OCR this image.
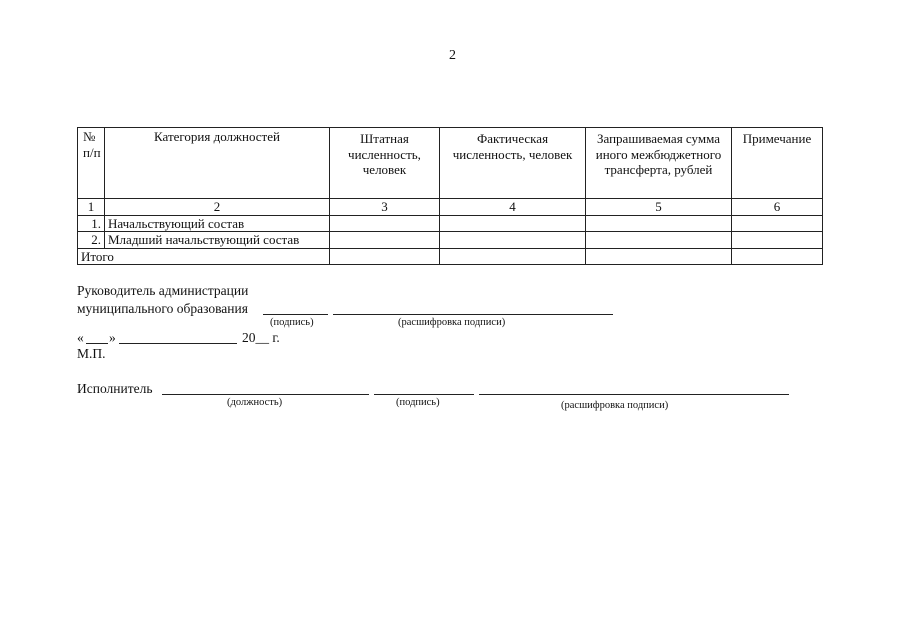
2
№ п/п	Категория должностей	Штатная численность, человек	Фактическая численность, человек	Запрашиваемая сумма иного межбюджетного трансферта, рублей	Примечание
1	2	3	4	5	6
1.	Начальствующий состав				
2.	Младший начальствующий состав				
Итого					
Руководитель администрации
муниципального образования
(подпись)	(расшифровка подписи)
« »	20__ г.
М.П.
Исполнитель
(должность)	(подпись)	(расшифровка подписи)
